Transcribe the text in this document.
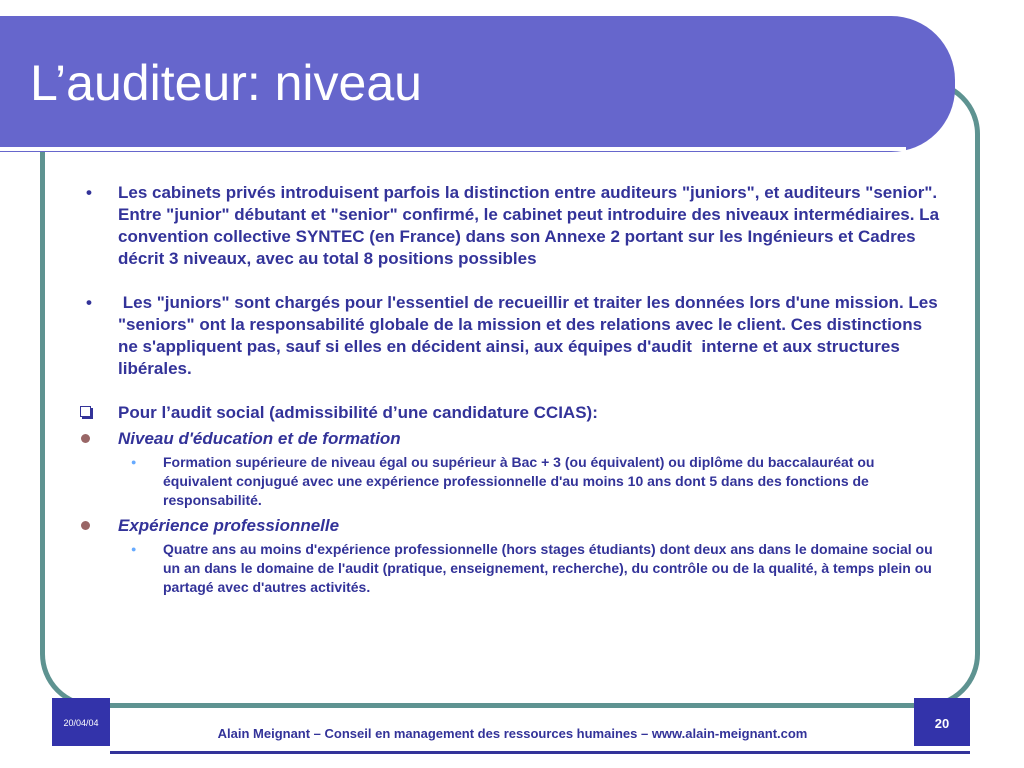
L’auditeur: niveau
• Les cabinets privés introduisent parfois la distinction entre auditeurs "juniors", et auditeurs "senior". Entre "junior" débutant et "senior" confirmé, le cabinet peut introduire des niveaux intermédiaires. La convention collective SYNTEC (en France) dans son Annexe 2 portant sur les Ingénieurs et Cadres décrit 3 niveaux, avec au total 8 positions possibles
• Les "juniors" sont chargés pour l'essentiel de recueillir et traiter les données lors d'une mission. Les "seniors" ont la responsabilité globale de la mission et des relations avec le client. Ces distinctions ne s'appliquent pas, sauf si elles en décident ainsi, aux équipes d'audit  interne et aux structures libérales.
Pour l’audit social (admissibilité d’une candidature CCIAS):
Niveau d'éducation et de formation
● Formation supérieure de niveau égal ou supérieur à Bac + 3 (ou équivalent) ou diplôme du baccalauréat ou équivalent conjugué avec une expérience professionnelle d'au moins 10 ans dont 5 dans des fonctions de responsabilité.
Expérience professionnelle
● Quatre ans au moins d'expérience professionnelle (hors stages étudiants) dont deux ans dans le domaine social ou un an dans le domaine de l'audit (pratique, enseignement, recherche), du contrôle ou de la qualité, à temps plein ou partagé avec d'autres activités.
20/04/04
Alain Meignant – Conseil en management des ressources humaines – www.alain-meignant.com
20
